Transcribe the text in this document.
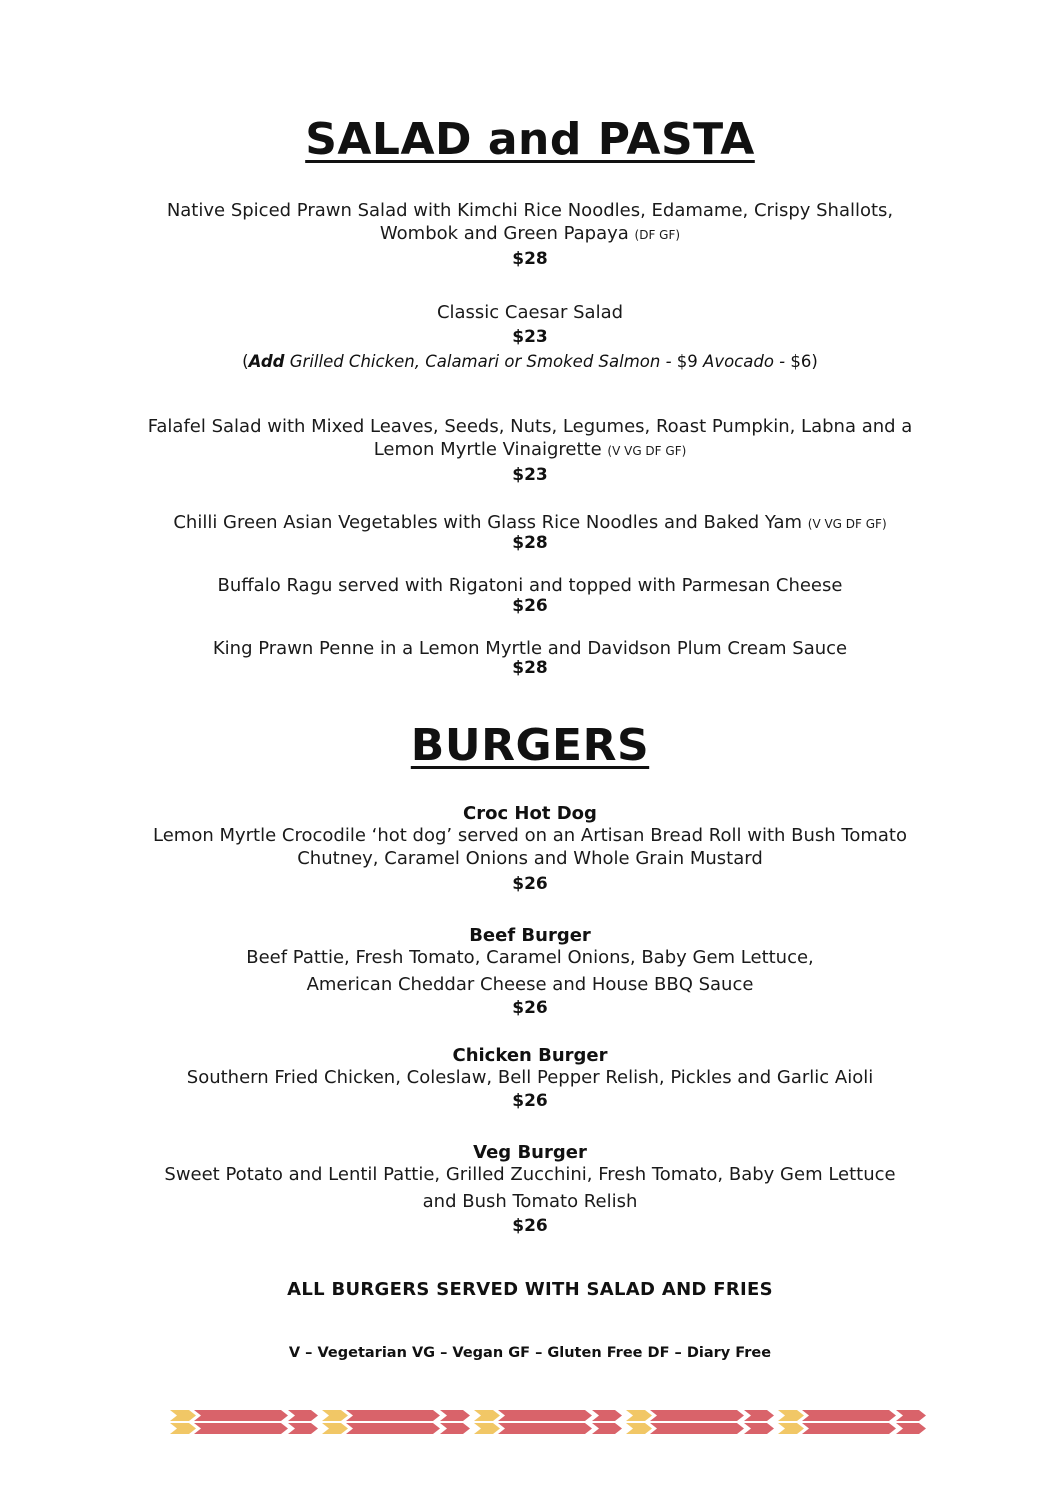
SALAD and PASTA
Native Spiced Prawn Salad with Kimchi Rice Noodles, Edamame, Crispy Shallots,
Wombok and Green Papaya (DF GF)
$28
Classic Caesar Salad
$23
(Add Grilled Chicken, Calamari or Smoked Salmon - $9 Avocado - $6)
Falafel Salad with Mixed Leaves, Seeds, Nuts, Legumes, Roast Pumpkin, Labna and a
Lemon Myrtle Vinaigrette (V VG DF GF)
$23
Chilli Green Asian Vegetables with Glass Rice Noodles and Baked Yam (V VG DF GF)
$28
Buffalo Ragu served with Rigatoni and topped with Parmesan Cheese
$26
King Prawn Penne in a Lemon Myrtle and Davidson Plum Cream Sauce
$28
BURGERS
Croc Hot Dog
Lemon Myrtle Crocodile ‘hot dog’ served on an Artisan Bread Roll with Bush Tomato
Chutney, Caramel Onions and Whole Grain Mustard
$26
Beef Burger
Beef Pattie, Fresh Tomato, Caramel Onions, Baby Gem Lettuce,
American Cheddar Cheese and House BBQ Sauce
$26
Chicken Burger
Southern Fried Chicken, Coleslaw, Bell Pepper Relish, Pickles and Garlic Aioli
$26
Veg Burger
Sweet Potato and Lentil Pattie, Grilled Zucchini, Fresh Tomato, Baby Gem Lettuce
and Bush Tomato Relish
$26
ALL BURGERS SERVED WITH SALAD AND FRIES
V – Vegetarian VG – Vegan GF – Gluten Free DF – Diary Free
